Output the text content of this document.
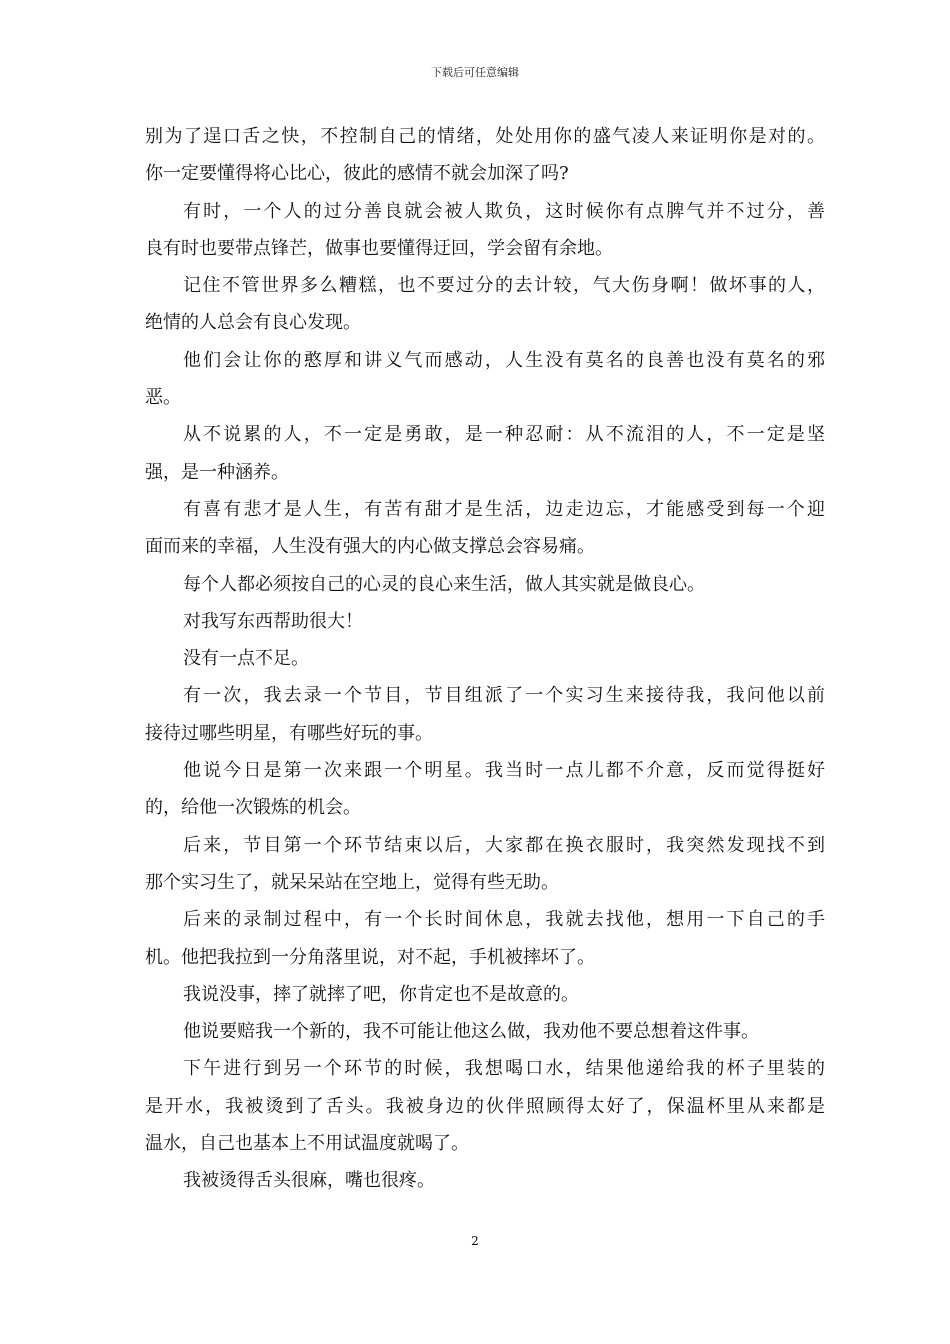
下载后可任意编辑
别为了逞口舌之快，不控制自己的情绪，处处用你的盛气凌人来证明你是对的。
你一定要懂得将心比心，彼此的感情不就会加深了吗?
有时，一个人的过分善良就会被人欺负，这时候你有点脾气并不过分，善
良有时也要带点锋芒，做事也要懂得迂回，学会留有余地。
记住不管世界多么糟糕，也不要过分的去计较，气大伤身啊！做坏事的人，
绝情的人总会有良心发现。
他们会让你的憨厚和讲义气而感动，人生没有莫名的良善也没有莫名的邪
恶。
从不说累的人，不一定是勇敢，是一种忍耐：从不流泪的人，不一定是坚
强，是一种涵养。
有喜有悲才是人生，有苦有甜才是生活，边走边忘，才能感受到每一个迎
面而来的幸福，人生没有强大的内心做支撑总会容易痛。
每个人都必须按自己的心灵的良心来生活，做人其实就是做良心。
对我写东西帮助很大！
没有一点不足。
有一次，我去录一个节目，节目组派了一个实习生来接待我，我问他以前
接待过哪些明星，有哪些好玩的事。
他说今日是第一次来跟一个明星。我当时一点儿都不介意，反而觉得挺好
的，给他一次锻炼的机会。
后来，节目第一个环节结束以后，大家都在换衣服时，我突然发现找不到
那个实习生了，就呆呆站在空地上，觉得有些无助。
后来的录制过程中，有一个长时间休息，我就去找他，想用一下自己的手
机。他把我拉到一分角落里说，对不起，手机被摔坏了。
我说没事，摔了就摔了吧，你肯定也不是故意的。
他说要赔我一个新的，我不可能让他这么做，我劝他不要总想着这件事。
下午进行到另一个环节的时候，我想喝口水，结果他递给我的杯子里装的
是开水，我被烫到了舌头。我被身边的伙伴照顾得太好了，保温杯里从来都是
温水，自己也基本上不用试温度就喝了。
我被烫得舌头很麻，嘴也很疼。
2
